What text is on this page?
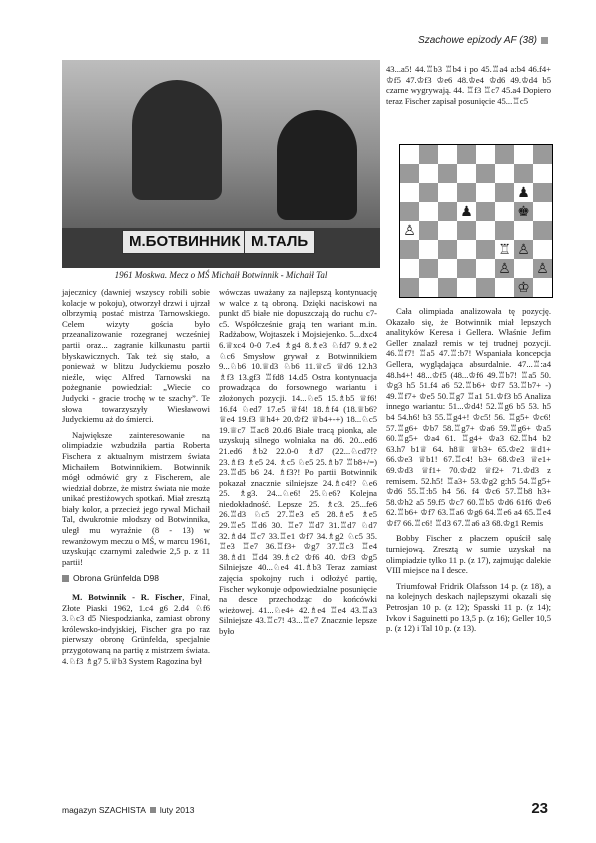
Szachowe epizody AF (38)
М.БОТВИННИК М.ТАЛЬ
1961 Moskwa. Mecz o MŚ Michaił Botwinnik - Michaił Tal

jajecznicy (dawniej wszyscy robili sobie kolacje w pokoju), otworzył drzwi i ujrzał olbrzymią postać mistrza Tarnowskiego. Celem wizyty gościa było przeanalizowanie rozegranej wcześniej partii oraz... zagranie kilkunastu partii błyskawicznych. Tak też się stało, a ponieważ w blitzu Judyckiemu poszło nieźle, więc Alfred Tarnowski na pożegnanie powiedział: „Wiecie co Judycki - gracie trochę w te szachy”. Te słowa towarzyszyły Wiesławowi Judyckiemu aż do śmierci.

Największe zainteresowanie na olimpiadzie wzbudziła partia Roberta Fischera z aktualnym mistrzem świata Michaiłem Botwinnikiem. Botwinnik mógł odmówić gry z Fischerem, ale wiedział dobrze, że mistrz świata nie może unikać prestiżowych spotkań. Miał zresztą biały kolor, a przecież jego rywal Michaił Tal, dwukrotnie młodszy od Botwinnika, uległ mu wyraźnie (8 - 13) w rewanżowym meczu o MŚ, w marcu 1961, uzyskując czarnymi zaledwie 2,5 p. z 11 partii!

Obrona Grünfelda D98

M. Botwinnik - R. Fischer, Finał, Złote Piaski 1962, 1.c4 g6 2.d4 ♘f6 3.♘c3 d5 Niespodzianka, zamiast obrony królewsko-indyjskiej, Fischer gra po raz pierwszy obronę Grünfelda, specjalnie przygotowaną na partię z mistrzem świata. 4.♘f3 ♗g7 5.♕b3 System Ragozina był

wówczas uważany za najlepszą kontynuację w walce z tą obroną. Dzięki naciskowi na punkt d5 białe nie dopuszczają do ruchu c7-c5. Współcześnie grają ten wariant m.in. Radżabow, Wojtaszek i Mojsiejenko. 5...dxc4 6.♕xc4 0-0 7.e4 ♗g4 8.♗e3 ♘fd7 9.♗e2 ♘c6 Smysłow grywał z Botwinnikiem 9...♘b6 10.♕d3 ♘b6 11.♕c5 ♕d6 12.h3 ♗f3 13.gf3 ♖fd8 14.d5 Ostra kontynuacja prowadząca do forsownego wariantu i złożonych pozycji. 14...♘e5 15.♗b5 ♕f6! 16.f4 ♘ed7 17.e5 ♕f4! 18.♗f4 (18.♕b6? ♕e4 19.f3 ♕h4+ 20.♔f2 ♕b4+-+) 18...♘c5 19.♕c7 ♖ac8 20.d6 Białe tracą pionka, ale uzyskują silnego wolniaka na d6. 20...ed6 21.ed6 ♗b2 22.0-0 ♗d7 (22...♘cd7!? 23.♗f3 ♗e5 24. ♗c5 ♘e5 25.♗b7 ♖b8+/=) 23.♖d5 b6 24. ♗f3?! Po partii Botwinnik pokazał znacznie silniejsze 24.♗c4!? ♘e6 25. ♗g3. 24...♘e6! 25.♘e6? Kolejna niedokładność. Lepsze 25. ♗c3. 25...fe6 26.♖d3 ♘c5 27.♖e3 e5 28.♗e5 ♗e5 29.♖e5 ♖d6 30. ♖e7 ♖d7 31.♖d7 ♘d7 32.♗d4 ♖c7 33.♖e1 ♔f7 34.♗g2 ♘c5 35. ♖e3 ♖e7 36.♖f3+ ♔g7 37.♖c3 ♖e4 38.♗d1 ♖d4 39.♗c2 ♔f6 40. ♔f3 ♔g5 Silniejsze 40...♘e4 41.♗b3 Teraz zamiast zajęcia spokojny ruch i odłożyć partię, Fischer wykonuje odpowiedzialne posunięcie na desce przechodząc do końcówki wieżowej. 41...♘e4+ 42.♗e4 ♖e4 43.♖a3 Silniejsze 43.♖c7! 43...♖e7 Znacznie lepsze było

43...a5! 44.♖b3 ♖b4 i po 45.♖a4 a:b4 46.f4+ ♔f5 47.♔f3 ♔e6 48.♔e4 ♔d6 49.♔d4 b5 czarne wygrywają. 44. ♖f3 ♖c7 45.a4 Dopiero teraz Fischer zapisał posunięcie 45...♖c5

♟
♟	♚
♙
♖ ♙
♙ ♙
♔

Cała olimpiada analizowała tę pozycję. Okazało się, że Botwinnik miał lepszych analityków Keresa i Gellera. Właśnie Jefim Geller znalazł remis w tej trudnej pozycji. 46.♖f7! ♖a5 47.♖:b7! Wspaniała koncepcja Gellera, wyglądająca absurdalnie. 47...♖:a4 48.h4+! 48...♔f5 (48...♔f6 49.♖b7! ♖a5 50. ♔g3 h5 51.f4 a6 52.♖b6+ ♔f7 53.♖b7+ -) 49.♖f7+ ♔e5 50.♖g7 ♖a1 51.♔f3 b5 Analiza innego wariantu: 51...♔d4! 52.♖g6 b5 53. h5 b4 54.h6! b3 55.♖g4+! ♔c5! 56. ♖g5+ ♔c6! 57.♖g6+ ♔b7 58.♖g7+ ♔a6 59.♖g6+ ♔a5 60.♖g5+ ♔a4 61. ♖g4+ ♔a3 62.♖h4 b2 63.h7 b1♕ 64. h8♕ ♕b3+ 65.♔e2 ♕d1+ 66.♔e3 ♕b1! 67.♖c4! b3+ 68.♔e3 ♕e1+ 69.♔d3 ♕f1+ 70.♔d2 ♕f2+ 71.♔d3 z remisem. 52.h5! ♖a3+ 53.♔g2 g:h5 54.♖g5+ ♔d6 55.♖:b5 h4 56. f4 ♔c6 57.♖b8 h3+ 58.♔h2 a5 59.f5 ♔c7 60.♖b5 ♔d6 61f6 ♔e6 62.♖b6+ ♔f7 63.♖a6 ♔g6 64.♖e6 a4 65.♖e4 ♔f7 66.♖c6! ♖d3 67.♖a6 a3 68.♔g1 Remis

Bobby Fischer z płaczem opuścił salę turniejową. Zresztą w sumie uzyskał na olimpiadzie tylko 11 p. (z 17), zajmując dalekie VIII miejsce na I desce.

Triumfował Fridrik Olafsson 14 p. (z 18), a na kolejnych deskach najlepszymi okazali się Petrosjan 10 p. (z 12); Spasski 11 p. (z 14); Ivkov i Saguinetti po 13,5 p. (z 16); Geller 10,5 p. (z 12) i Tal 10 p. (z 13).

magazyn SZACHISTA luty 2013	23
